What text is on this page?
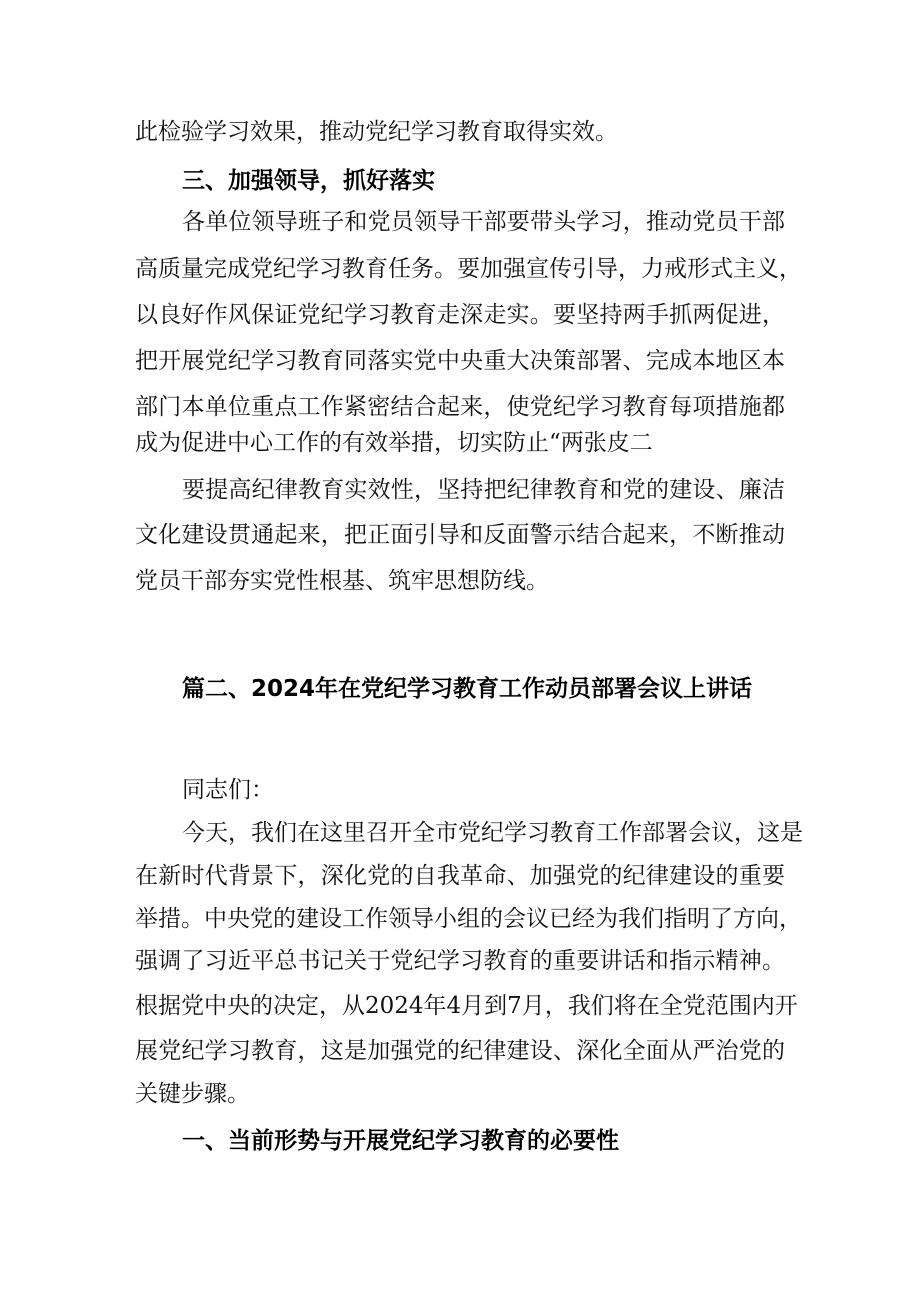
此检验学习效果，推动党纪学习教育取得实效。

三、加强领导，抓好落实

各单位领导班子和党员领导干部要带头学习，推动党员干部

高质量完成党纪学习教育任务。要加强宣传引导，力戒形式主义，

以良好作风保证党纪学习教育走深走实。要坚持两手抓两促进，

把开展党纪学习教育同落实党中央重大决策部署、完成本地区本

部门本单位重点工作紧密结合起来，使党纪学习教育每项措施都

成为促进中心工作的有效举措，切实防止“两张皮二

要提高纪律教育实效性，坚持把纪律教育和党的建设、廉洁

文化建设贯通起来，把正面引导和反面警示结合起来，不断推动

党员干部夯实党性根基、筑牢思想防线。

篇二、2024年在党纪学习教育工作动员部署会议上讲话

同志们：

今天，我们在这里召开全市党纪学习教育工作部署会议，这是

在新时代背景下，深化党的自我革命、加强党的纪律建设的重要

举措。中央党的建设工作领导小组的会议已经为我们指明了方向，

强调了习近平总书记关于党纪学习教育的重要讲话和指示精神。

根据党中央的决定，从2024年4月到7月，我们将在全党范围内开

展党纪学习教育，这是加强党的纪律建设、深化全面从严治党的

关键步骤。

一、当前形势与开展党纪学习教育的必要性
